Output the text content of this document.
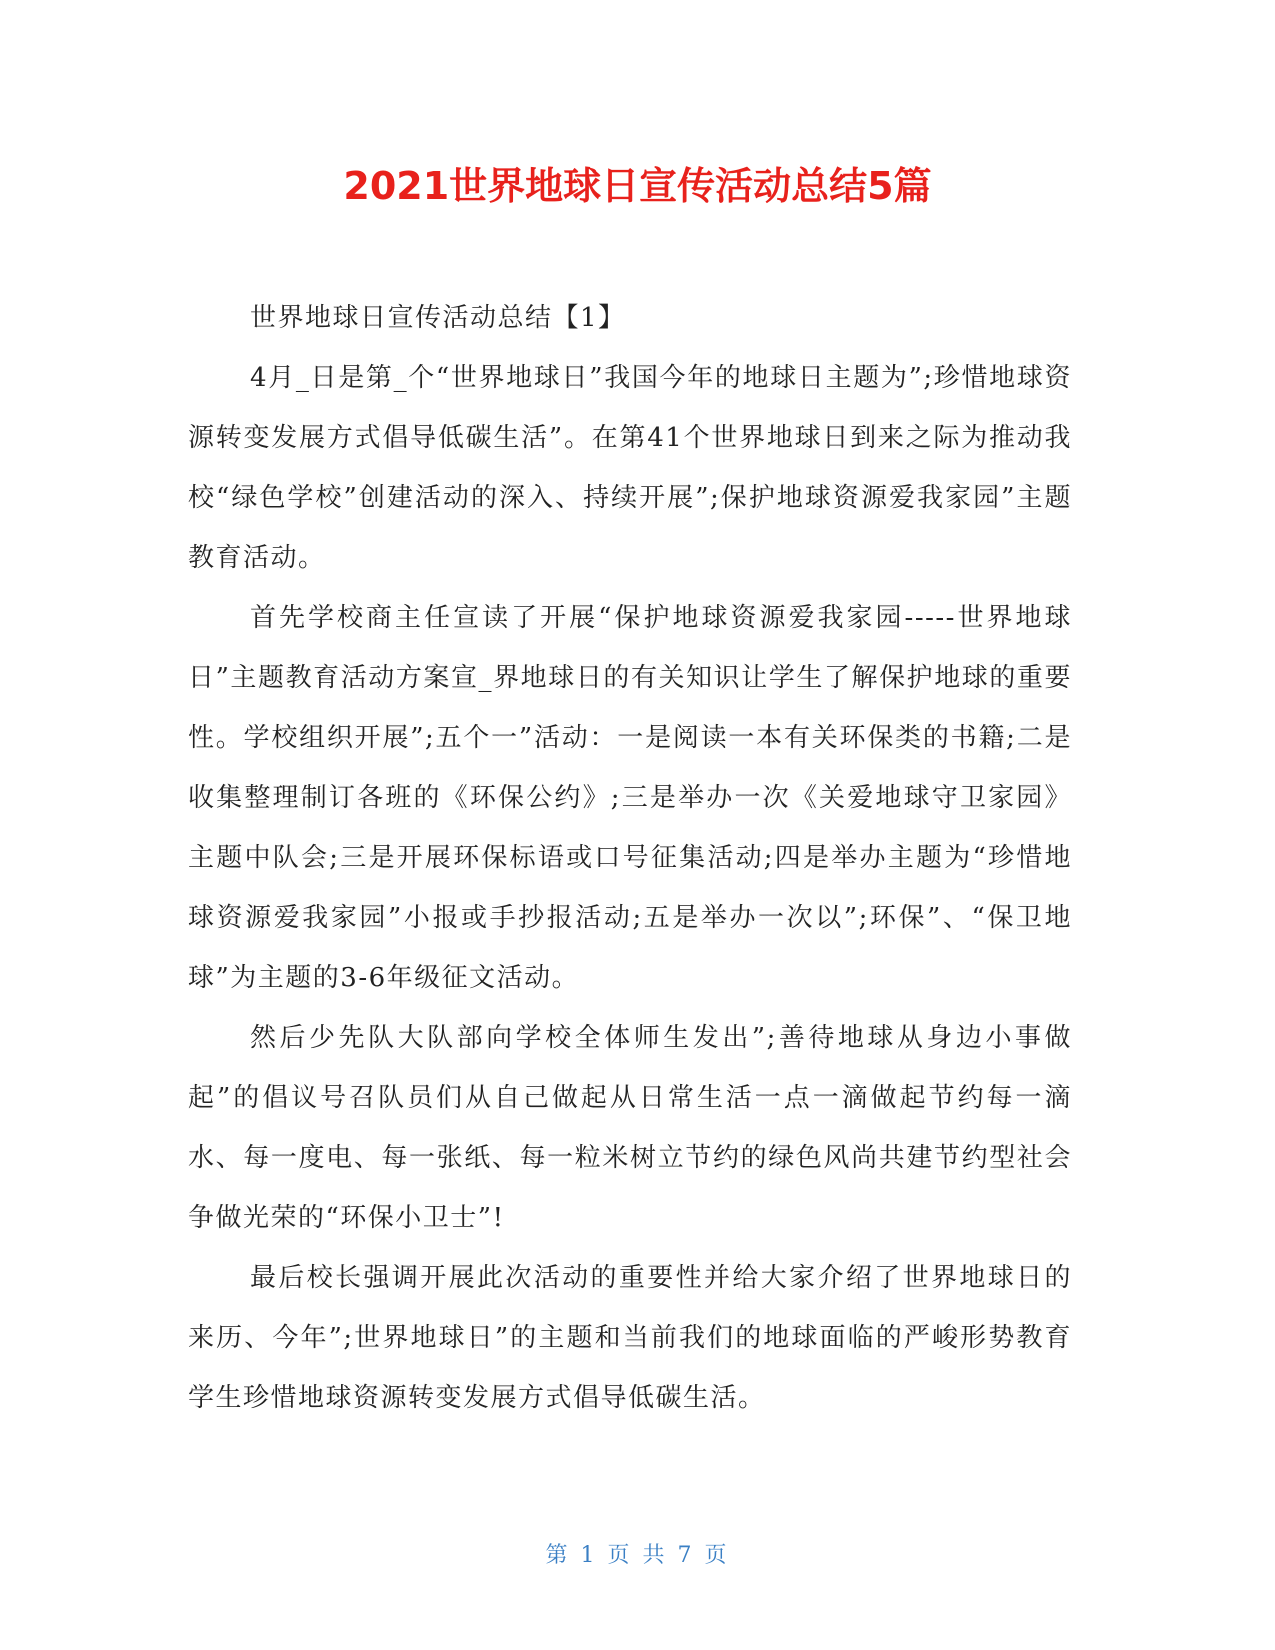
2021世界地球日宣传活动总结5篇

世界地球日宣传活动总结【1】

4月_日是第_个“世界地球日”我国今年的地球日主题为”;珍惜地球资源转变发展方式倡导低碳生活”。在第41个世界地球日到来之际为推动我校“绿色学校”创建活动的深入、持续开展”;保护地球资源爱我家园”主题教育活动。

首先学校商主任宣读了开展“保护地球资源爱我家园-----世界地球日”主题教育活动方案宣_界地球日的有关知识让学生了解保护地球的重要性。学校组织开展”;五个一”活动：一是阅读一本有关环保类的书籍;二是收集整理制订各班的《环保公约》;三是举办一次《关爱地球守卫家园》主题中队会;三是开展环保标语或口号征集活动;四是举办主题为“珍惜地球资源爱我家园”小报或手抄报活动;五是举办一次以”;环保”、“保卫地球”为主题的3-6年级征文活动。

然后少先队大队部向学校全体师生发出”;善待地球从身边小事做起”的倡议号召队员们从自己做起从日常生活一点一滴做起节约每一滴水、每一度电、每一张纸、每一粒米树立节约的绿色风尚共建节约型社会争做光荣的“环保小卫士”!

最后校长强调开展此次活动的重要性并给大家介绍了世界地球日的来历、今年”;世界地球日”的主题和当前我们的地球面临的严峻形势教育学生珍惜地球资源转变发展方式倡导低碳生活。

第 1 页 共 7 页
